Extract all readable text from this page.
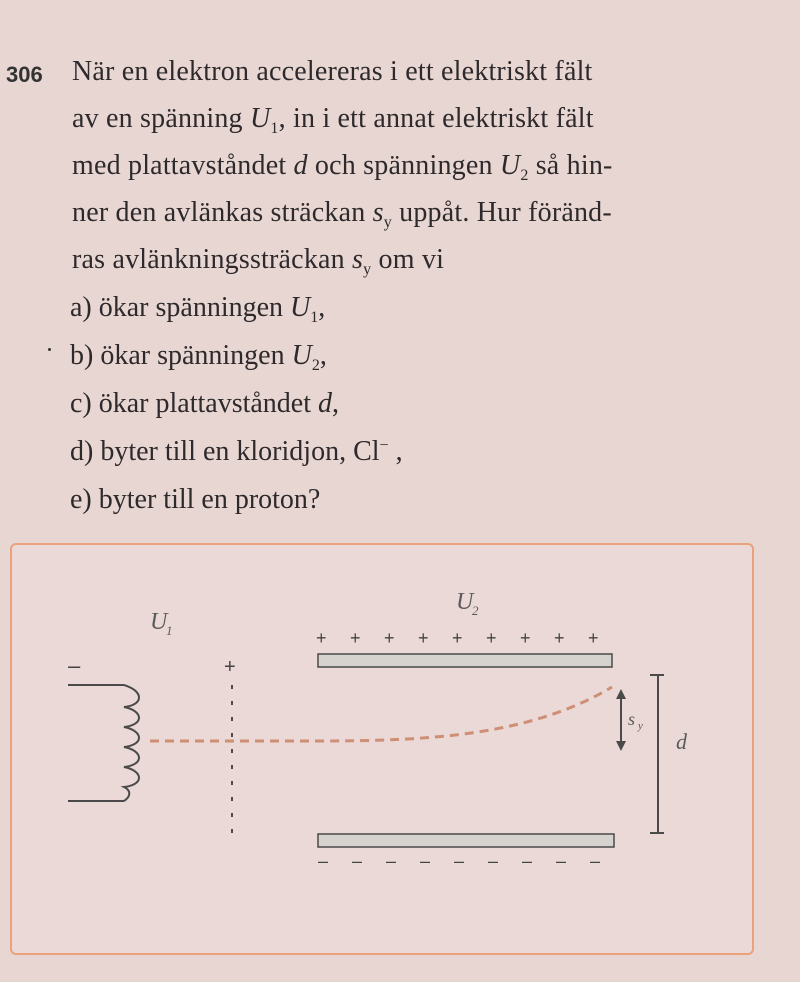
306 När en elektron accelereras i ett elektriskt fält
av en spänning $U_1$, in i ett annat elektriskt fält
med plattavståndet d och spänningen $U_2$ så hin-
ner den avlänkas sträckan $s_y$ uppåt. Hur föränd-
ras avlänkningssträckan $s_y$ om vi
a) ökar spänningen $U_1$,
b) ökar spänningen $U_2$,
c) ökar plattavståndet d,
d) byter till en kloridjon, Cl− ,
e) byter till en proton?
U
1
U
2
–	+
+ + + + + + + + +
– – – – – – – – –
s y
d
